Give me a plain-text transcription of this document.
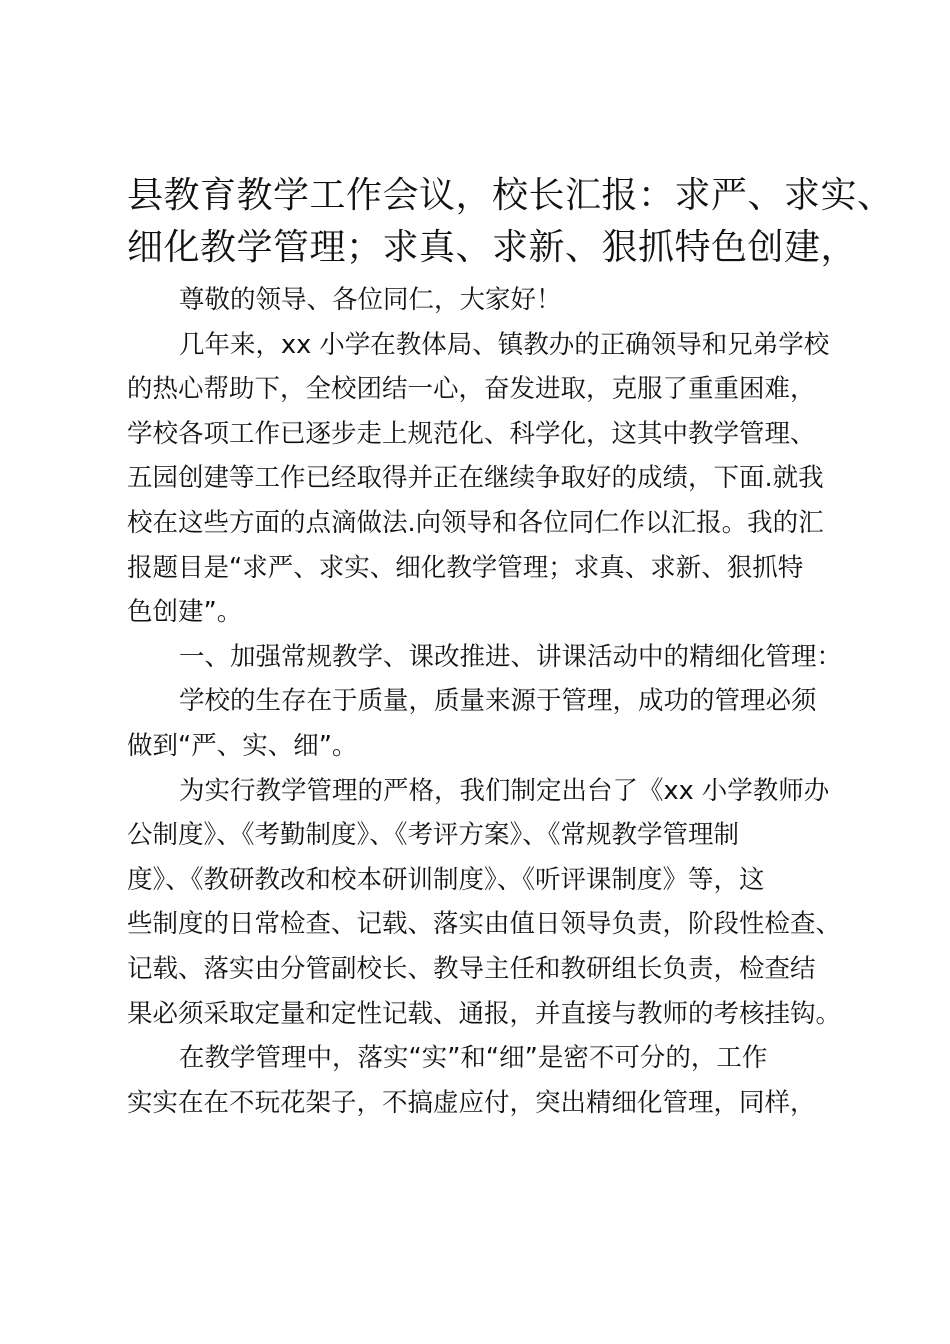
县教育教学工作会议，校长汇报：求严、求实、
细化教学管理；求真、求新、狠抓特色创建，

尊敬的领导、各位同仁，大家好！

几年来，xx 小学在教体局、镇教办的正确领导和兄弟学校
的热心帮助下，全校团结一心，奋发进取，克服了重重困难，
学校各项工作已逐步走上规范化、科学化，这其中教学管理、
五园创建等工作已经取得并正在继续争取好的成绩，下面.就我
校在这些方面的点滴做法.向领导和各位同仁作以汇报。我的汇
报题目是“求严、求实、细化教学管理；求真、求新、狠抓特
色创建”。

一、加强常规教学、课改推进、讲课活动中的精细化管理：

学校的生存在于质量，质量来源于管理，成功的管理必须
做到“严、实、细”。

为实行教学管理的严格，我们制定出台了《xx 小学教师办
公制度》、《考勤制度》、《考评方案》、《常规教学管理制
度》、《教研教改和校本研训制度》、《听评课制度》等，这
些制度的日常检查、记载、落实由值日领导负责，阶段性检查、
记载、落实由分管副校长、教导主任和教研组长负责，检查结
果必须采取定量和定性记载、通报，并直接与教师的考核挂钩。

在教学管理中，落实“实”和“细”是密不可分的，工作
实实在在不玩花架子，不搞虚应付，突出精细化管理，同样，
